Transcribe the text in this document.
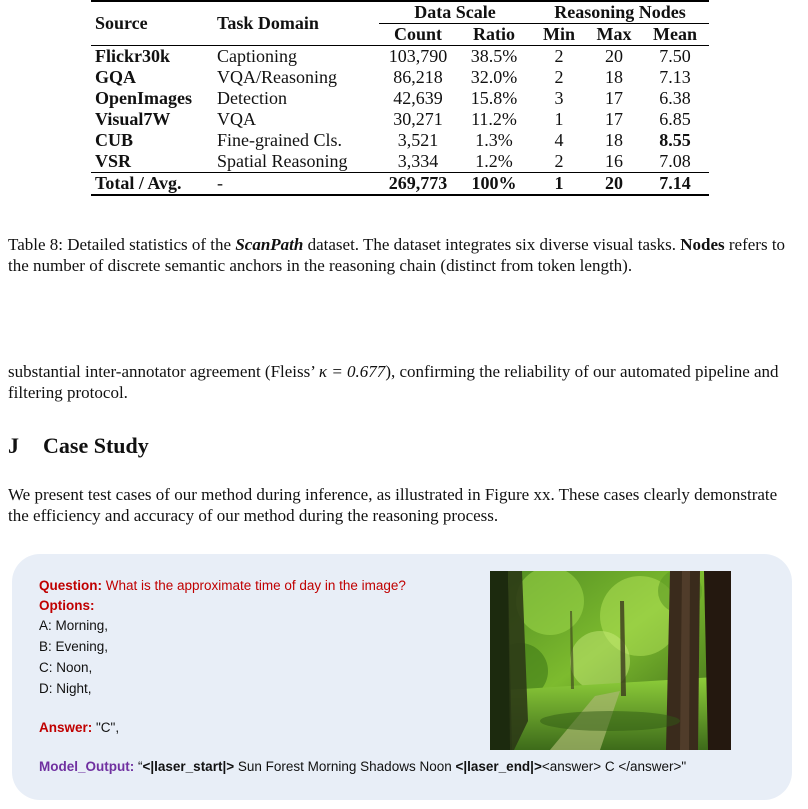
Source	Task Domain	Data Scale		Reasoning Nodes		
		Count	Ratio	Min	Max	Mean
Flickr30k	Captioning	103,790	38.5%	2	20	7.50
GQA	VQA/Reasoning	86,218	32.0%	2	18	7.13
OpenImages	Detection	42,639	15.8%	3	17	6.38
Visual7W	VQA	30,271	11.2%	1	17	6.85
CUB	Fine-grained Cls.	3,521	1.3%	4	18	8.55
VSR	Spatial Reasoning	3,334	1.2%	2	16	7.08
Total / Avg.	-	269,773	100%	1	20	7.14
Table 8: Detailed statistics of the ScanPath dataset. The dataset integrates six diverse visual tasks. Nodes refers to the number of discrete semantic anchors in the reasoning chain (distinct from token length).
substantial inter-annotator agreement (Fleiss’ κ = 0.677), confirming the reliability of our automated pipeline and filtering protocol.
J Case Study
We present test cases of our method during inference, as illustrated in Figure xx. These cases clearly demonstrate the efficiency and accuracy of our method during the reasoning process.
Question: What is the approximate time of day in the image?
Options:
A: Morning,
B: Evening,
C: Noon,
D: Night,
Answer: "C",
Model_Output: “<|laser_start|> Sun Forest Morning Shadows Noon <|laser_end|><answer> C </answer>"
